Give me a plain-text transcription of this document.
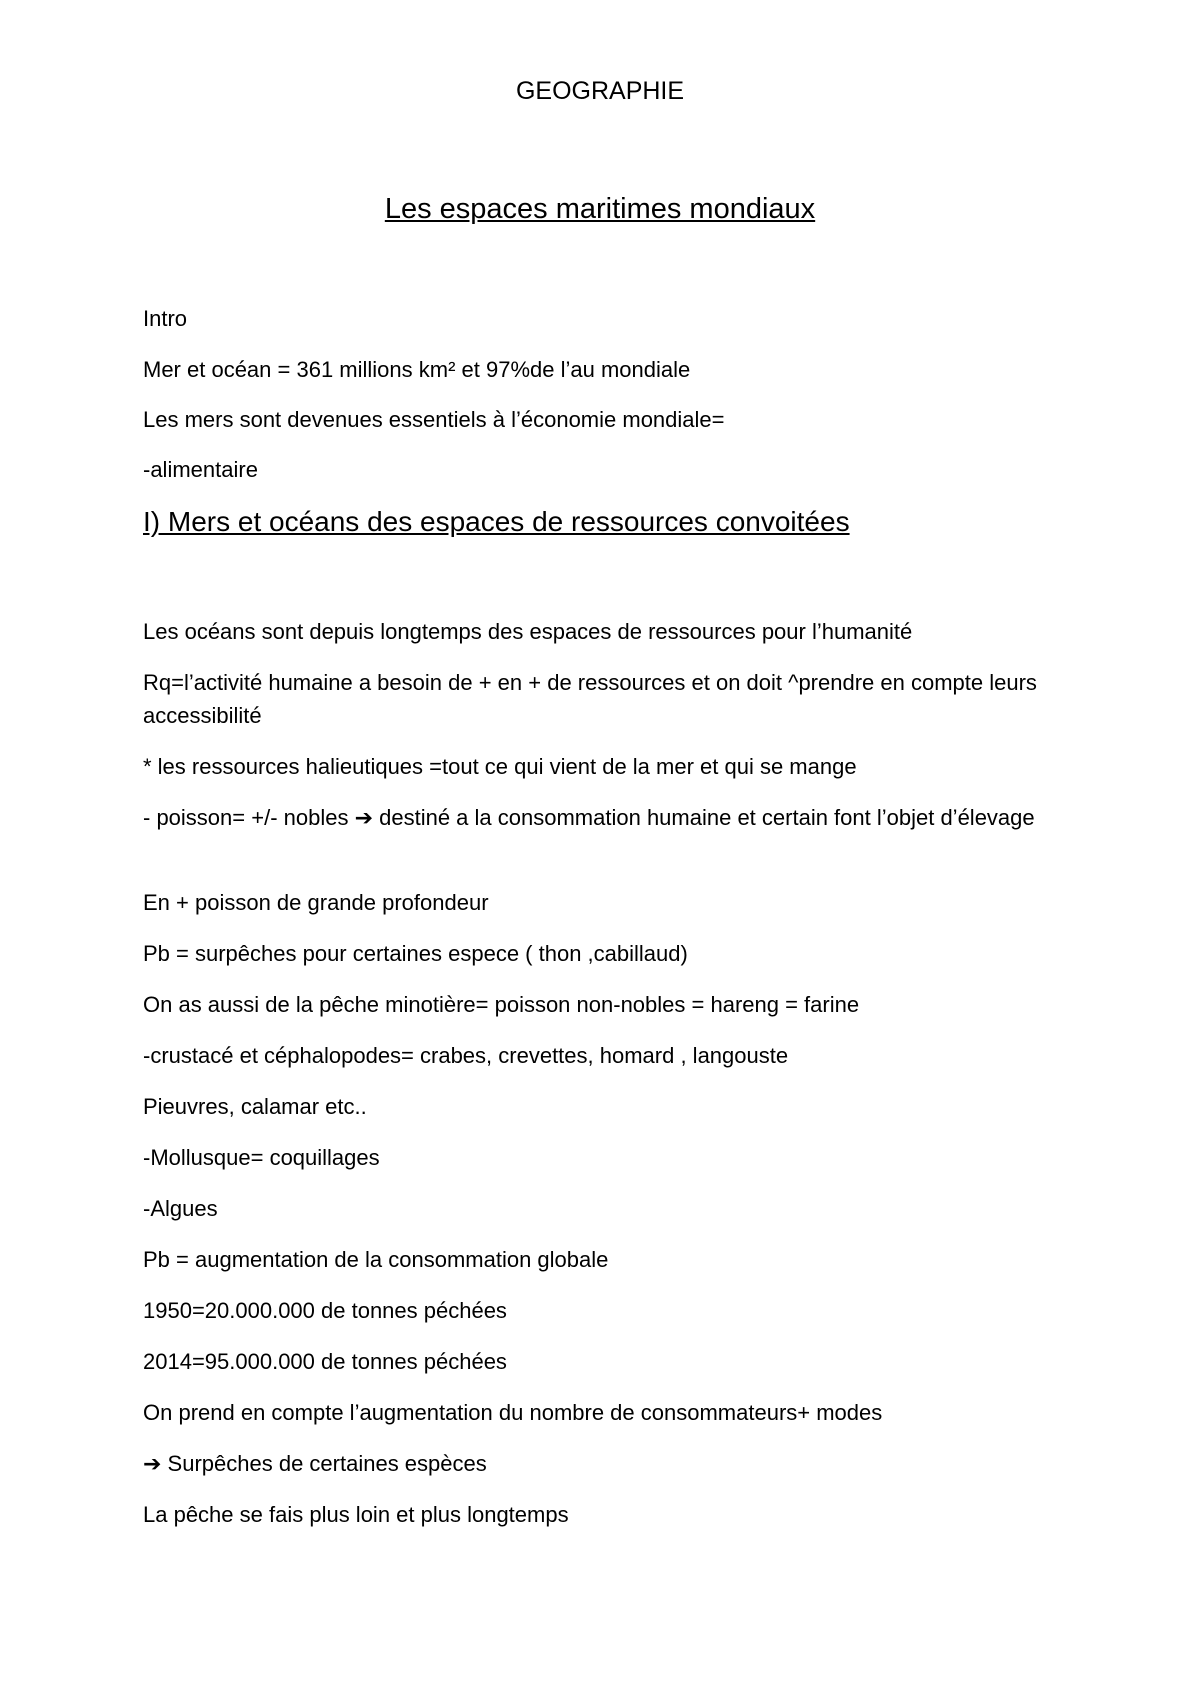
GEOGRAPHIE
Les espaces maritimes mondiaux

Intro

Mer et océan = 361 millions km² et 97%de l’au mondiale

Les mers sont devenues essentiels à l’économie mondiale=

-alimentaire

I) Mers et océans des espaces de ressources convoitées

Les océans sont depuis longtemps des espaces de ressources pour l’humanité

Rq=l’activité humaine a besoin de + en + de ressources et on doit ^prendre en compte leurs accessibilité

* les ressources halieutiques =tout ce qui vient de la mer et qui se mange

- poisson= +/- nobles ➔ destiné a la consommation humaine et certain font l’objet d’élevage

En + poisson de grande profondeur

Pb = surpêches pour certaines espece ( thon ,cabillaud)

On as aussi de la pêche minotière= poisson non-nobles = hareng = farine

-crustacé et céphalopodes= crabes, crevettes, homard , langouste

Pieuvres, calamar etc..

-Mollusque= coquillages

-Algues

Pb = augmentation de la consommation globale

1950=20.000.000 de tonnes péchées

2014=95.000.000 de tonnes péchées

On prend en compte l’augmentation du nombre de consommateurs+ modes

➔ Surpêches de certaines espèces

La pêche se fais plus loin et plus longtemps
